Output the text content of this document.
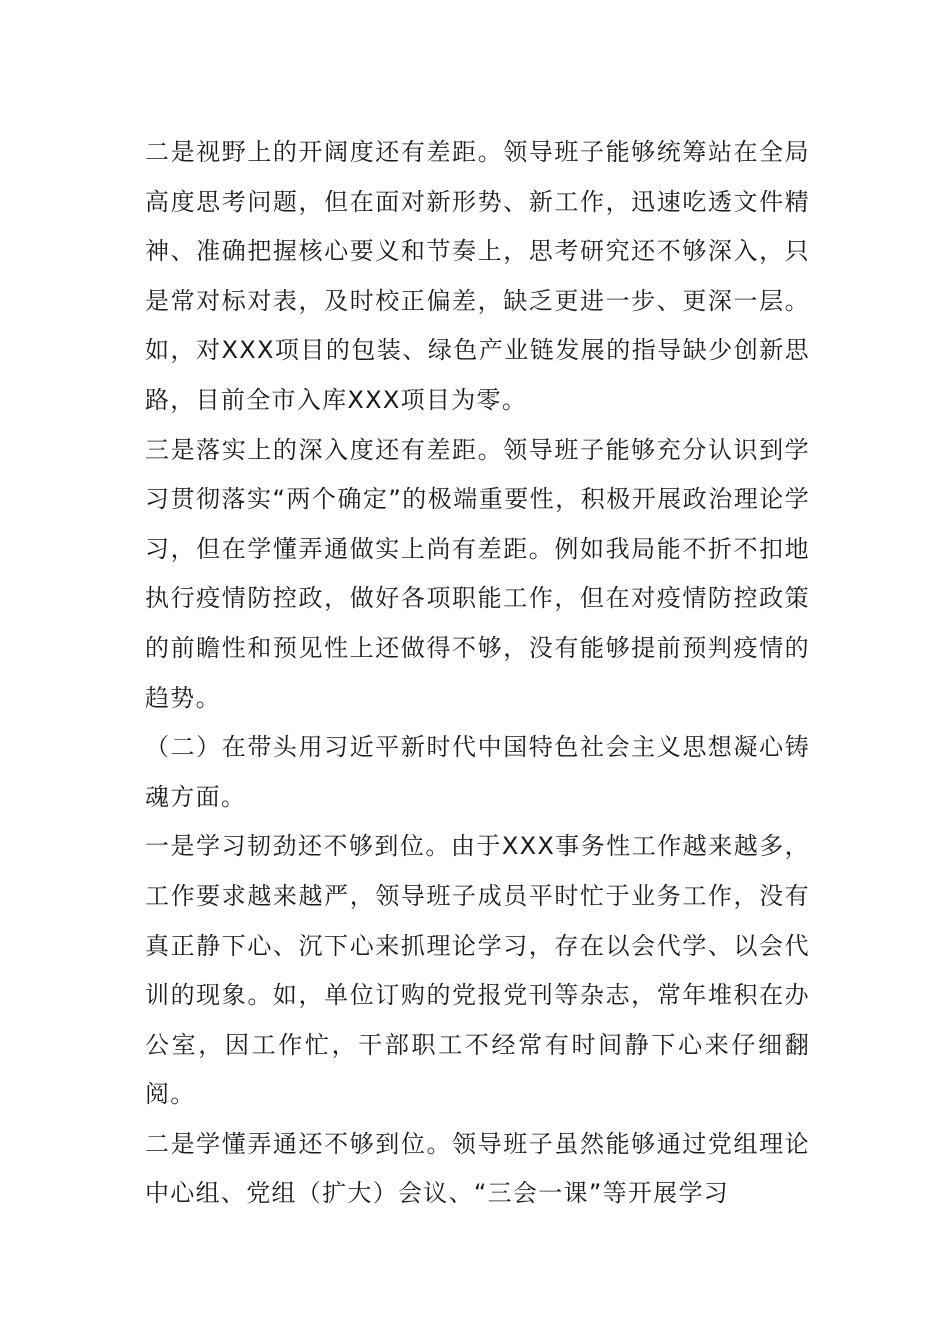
二是视野上的开阔度还有差距。领导班子能够统筹站在全局高度思考问题，但在面对新形势、新工作，迅速吃透文件精神、准确把握核心要义和节奏上，思考研究还不够深入，只是常对标对表，及时校正偏差，缺乏更进一步、更深一层。如，对XXX项目的包装、绿色产业链发展的指导缺少创新思路，目前全市入库XXX项目为零。

三是落实上的深入度还有差距。领导班子能够充分认识到学习贯彻落实“两个确定”的极端重要性，积极开展政治理论学习，但在学懂弄通做实上尚有差距。例如我局能不折不扣地执行疫情防控政，做好各项职能工作，但在对疫情防控政策的前瞻性和预见性上还做得不够，没有能够提前预判疫情的趋势。

（二）在带头用习近平新时代中国特色社会主义思想凝心铸魂方面。

一是学习韧劲还不够到位。由于XXX事务性工作越来越多，工作要求越来越严，领导班子成员平时忙于业务工作，没有真正静下心、沉下心来抓理论学习，存在以会代学、以会代训的现象。如，单位订购的党报党刊等杂志，常年堆积在办公室，因工作忙，干部职工不经常有时间静下心来仔细翻阅。

二是学懂弄通还不够到位。领导班子虽然能够通过党组理论中心组、党组（扩大）会议、“三会一课”等开展学习
